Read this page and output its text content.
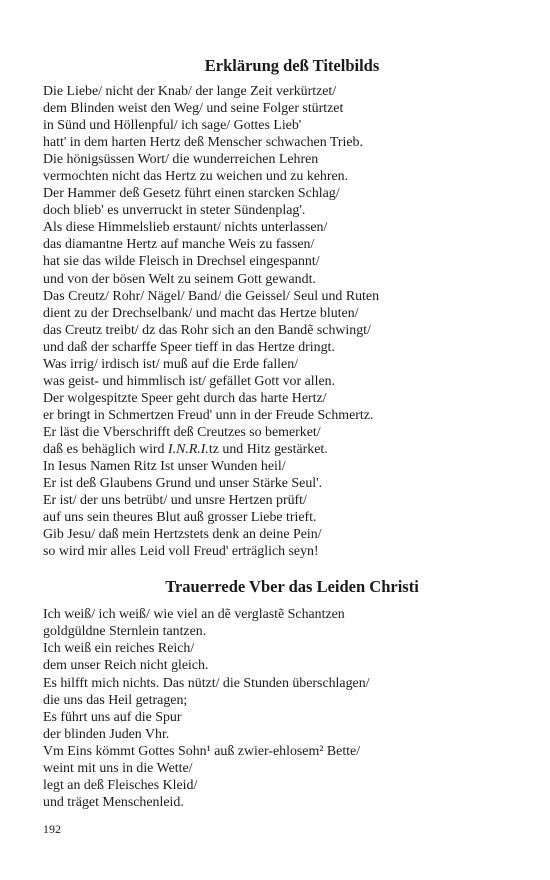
Erklärung deß Titelbilds
Die Liebe/ nicht der Knab/ der lange Zeit verkürtzet/
dem Blinden weist den Weg/ und seine Folger stürtzet
in Sünd und Höllenpful/ ich sage/ Gottes Lieb'
hatt' in dem harten Hertz deß Menscher schwachen Trieb.
Die hönigsüssen Wort/ die wunderreichen Lehren
vermochten nicht das Hertz zu weichen und zu kehren.
Der Hammer deß Gesetz führt einen starcken Schlag/
doch blieb' es unverruckt in steter Sündenplag'.
Als diese Himmelslieb erstaunt/ nichts unterlassen/
das diamantne Hertz auf manche Weis zu fassen/
hat sie das wilde Fleisch in Drechsel eingespannt/
und von der bösen Welt zu seinem Gott gewandt.
Das Creutz/ Rohr/ Nägel/ Band/ die Geissel/ Seul und Ruten
dient zu der Drechselbank/ und macht das Hertze bluten/
das Creutz treibt/ dz das Rohr sich an den Bandẽ schwingt/
und daß der scharffe Speer tieff in das Hertze dringt.
Was irrig/ irdisch ist/ muß auf die Erde fallen/
was geist- und himmlisch ist/ gefället Gott vor allen.
Der wolgespitzte Speer geht durch das harte Hertz/
er bringt in Schmertzen Freud' unn in der Freude Schmertz.
Er läst die Vberschrifft deß Creutzes so bemerket/
daß es behäglich wird I.N.R.I.tz und Hitz gestärket.
In Iesus Namen Ritz Ist unser Wunden heil/
Er ist deß Glaubens Grund und unser Stärke Seul'.
Er ist/ der uns betrübt/ und unsre Hertzen prüft/
auf uns sein theures Blut auß grosser Liebe trieft.
Gib Jesu/ daß mein Hertzstets denk an deine Pein/
so wird mir alles Leid voll Freud' erträglich seyn!
Trauerrede Vber das Leiden Christi
Ich weiß/ ich weiß/ wie viel an dẽ verglastẽ Schantzen
goldgüldne Sternlein tantzen.
Ich weiß ein reiches Reich/
dem unser Reich nicht gleich.
Es hilfft mich nichts. Das nützt/ die Stunden überschlagen/
die uns das Heil getragen;
Es führt uns auf die Spur
der blinden Juden Vhr.
Vm Eins kömmt Gottes Sohn¹ auß zwier-ehlosem² Bette/
weint mit uns in die Wette/
legt an deß Fleisches Kleid/
und träget Menschenleid.
192
